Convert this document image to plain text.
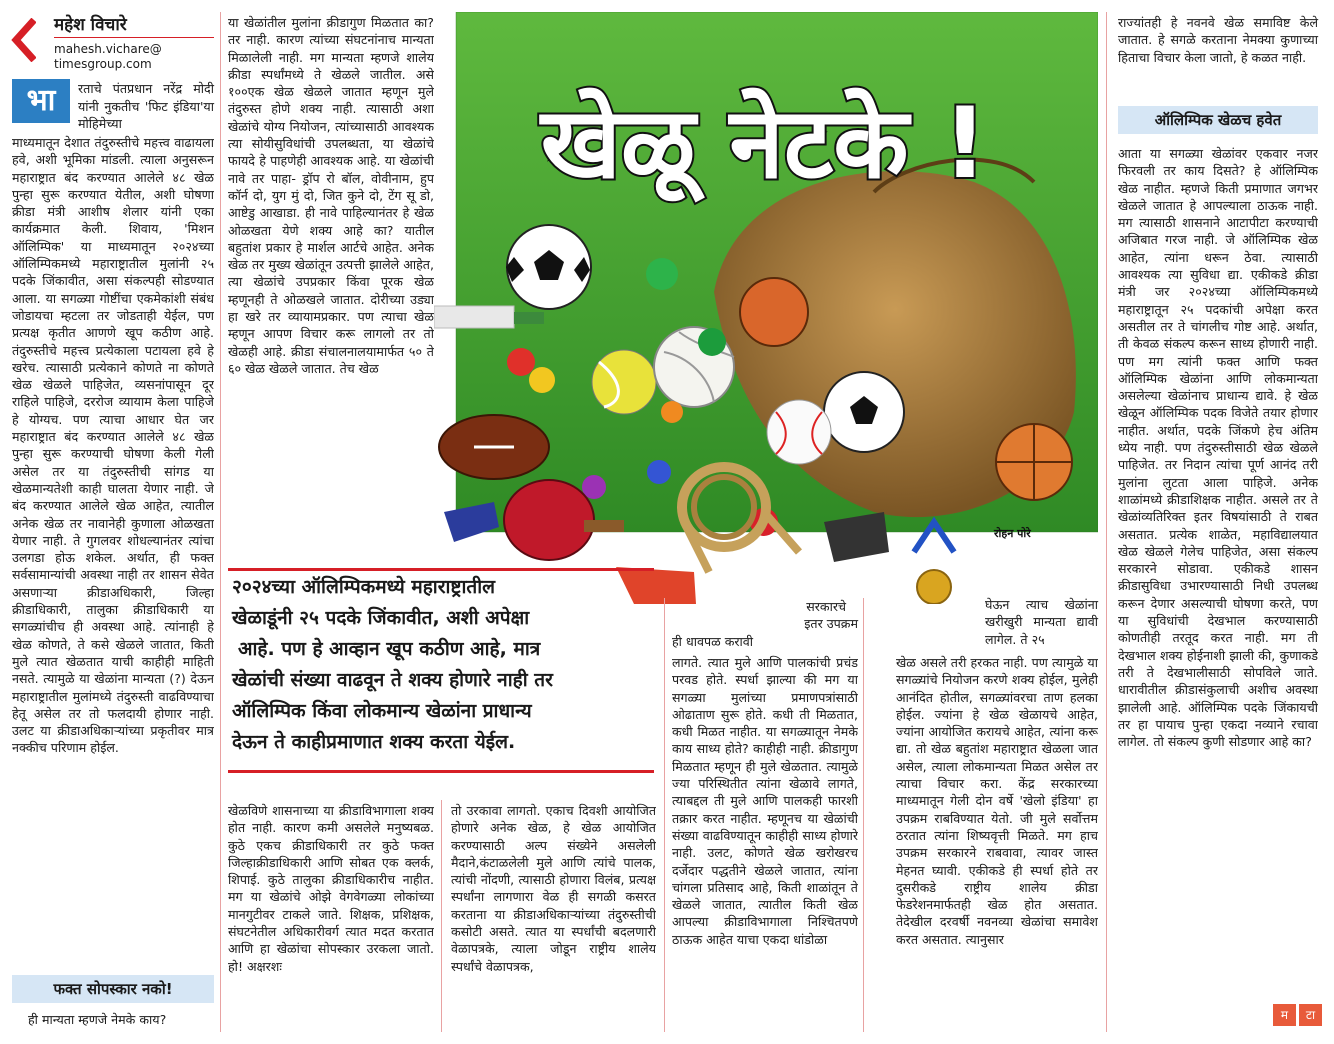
महेश विचारे
mahesh.vichare@
timesgroup.com
भा	रताचे पंतप्रधान नरेंद्र मोदी यांनी नुकतीच 'फिट इंडिया'या मोहिमेच्या
माध्यमातून देशात तंदुरुस्तीचे महत्त्व वाढायला हवे, अशी भूमिका मांडली. त्याला अनुसरून महाराष्ट्रात बंद करण्यात आलेले ४८ खेळ पुन्हा सुरू करण्यात येतील, अशी घोषणा क्रीडा मंत्री आशीष शेलार यांनी एका कार्यक्रमात केली. शिवाय, 'मिशन ऑलिम्पिक' या माध्यमातून २०२४च्या ऑलिम्पिकमध्ये महाराष्ट्रातील मुलांनी २५ पदके जिंकावीत, असा संकल्पही सोडण्यात आला. या सगळ्या गोष्टींचा एकमेकांशी संबंध जोडायचा म्हटला तर जोडताही येईल, पण प्रत्यक्ष कृतीत आणणे खूप कठीण आहे. तंदुरुस्तीचे महत्त्व प्रत्येकाला पटायला हवे हे खरेच. त्यासाठी प्रत्येकाने कोणते ना कोणते खेळ खेळले पाहिजेत, व्यसनांपासून दूर राहिले पाहिजे, दररोज व्यायाम केला पाहिजे हे योग्यच. पण त्याचा आधार घेत जर महाराष्ट्रात बंद करण्यात आलेले ४८ खेळ पुन्हा सुरू करण्याची घोषणा केली गेली असेल तर या तंदुरुस्तीची सांगड या खेळमान्यतेशी काही घालता येणार नाही. जे बंद करण्यात आलेले खेळ आहेत, त्यातील अनेक खेळ तर नावानेही कुणाला ओळखता येणार नाही. ते गुगलवर शोधल्यानंतर त्यांचा उलगडा होऊ शकेल. अर्थात, ही फक्त सर्वसामान्यांची अवस्था नाही तर शासन सेवेत असणाऱ्या क्रीडाअधिकारी, जिल्हा क्रीडाधिकारी, तालुका क्रीडाधिकारी या सगळ्यांचीच ही अवस्था आहे. त्यांनाही हे खेळ कोणते, ते कसे खेळले जातात, किती मुले त्यात खेळतात याची काहीही माहिती नसते. त्यामुळे या खेळांना मान्यता (?) देऊन महाराष्ट्रातील मुलांमध्ये तंदुरुस्ती वाढविण्याचा हेतू असेल तर तो फलदायी होणार नाही. उलट या क्रीडाअधिकाऱ्यांच्या प्रकृतीवर मात्र नक्कीच परिणाम होईल.
फक्त सोपस्कार नको!
ही मान्यता म्हणजे नेमके काय?
या खेळांतील मुलांना क्रीडागुण मिळतात का? तर नाही. कारण त्यांच्या संघटनांनाच मान्यता मिळालेली नाही. मग मान्यता म्हणजे शालेय क्रीडा स्पर्धांमध्ये ते खेळले जातील. असे १००एक खेळ खेळले जातात म्हणून मुले तंदुरुस्त होणे शक्य नाही. त्यासाठी अशा खेळांचे योग्य नियोजन, त्यांच्यासाठी आवश्यक त्या सोयीसुविधांची उपलब्धता, या खेळांचे फायदे हे पाहणेही आवश्यक आहे. या खेळांची नावे तर पाहा- ड्रॉप रो बॉल, वोवीनाम, हुप कॉर्न दो, युग मुं दो, जित कुने दो, टेंग सू डो, आष्टेडु आखाडा. ही नावे पाहिल्यानंतर हे खेळ ओळखता येणे शक्य आहे का? यातील बहुतांश प्रकार हे मार्शल आर्टचे आहेत. अनेक खेळ तर मुख्य खेळांतून उत्पत्ती झालेले आहेत, त्या खेळांचे उपप्रकार किंवा पूरक खेळ म्हणूनही ते ओळखले जातात. दोरीच्या उड्या हा खरे तर व्यायामप्रकार. पण त्याचा खेळ म्हणून आपण विचार करू लागलो तर तो खेळही आहे. क्रीडा संचालनालयामार्फत ५० ते ६० खेळ खेळले जातात. तेच खेळ
खेळू नेटके !
रोहन पोरे
२०२४च्या ऑलिम्पिकमध्ये महाराष्ट्रातील
खेळाडूंनी २५ पदके जिंकावीत, अशी अपेक्षा
आहे. पण हे आव्हान खूप कठीण आहे, मात्र
खेळांची संख्या वाढवून ते शक्य होणारे नाही तर
ऑलिम्पिक किंवा लोकमान्य खेळांना प्राधान्य
देऊन ते काहीप्रमाणात शक्य करता येईल.

सरकारचे

इतर उपक्रम

ही धावपळ करावी

लागते. त्यात मुले आणि पालकांची प्रचंड परवड होते. स्पर्धा झाल्या की मग या सगळ्या मुलांच्या प्रमाणपत्रांसाठी ओढाताण सुरू होते. कधी ती मिळतात, कधी मिळत नाहीत. या सगळ्यातून नेमके काय साध्य होते? काहीही नाही. क्रीडागुण मिळतात म्हणून ही मुले खेळतात. त्यामुळे ज्या परिस्थितीत त्यांना खेळावे लागते, त्याबद्दल ती मुले आणि पालकही फारशी तक्रार करत नाहीत. म्हणूनच या खेळांची संख्या वाढविण्यातून काहीही साध्य होणारे नाही. उलट, कोणते खेळ खरोखरच दर्जेदार पद्धतीने खेळले जातात, त्यांना चांगला प्रतिसाद आहे, किती शाळांतून ते खेळले जातात, त्यातील किती खेळ आपल्या क्रीडाविभागाला निश्चितपणे ठाऊक आहेत याचा एकदा धांडोळा
घेऊन त्याच खेळांना खरीखुरी मान्यता द्यावी लागेल. ते २५
खेळ असले तरी हरकत नाही. पण त्यामुळे या सगळ्यांचे नियोजन करणे शक्य होईल, मुलेही आनंदित होतील, सगळ्यांवरचा ताण हलका होईल. ज्यांना हे खेळ खेळायचे आहेत, ज्यांना आयोजित करायचे आहेत, त्यांना करू द्या. तो खेळ बहुतांश महाराष्ट्रात खेळला जात असेल, त्याला लोकमान्यता मिळत असेल तर त्याचा विचार करा. केंद्र सरकारच्या माध्यमातून गेली दोन वर्षे 'खेलो इंडिया' हा उपक्रम राबविण्यात येतो. जी मुले सर्वोत्तम ठरतात त्यांना शिष्यवृत्ती मिळते. मग हाच उपक्रम सरकारने राबवावा, त्यावर जास्त मेहनत घ्यावी. एकीकडे ही स्पर्धा होते तर दुसरीकडे राष्ट्रीय शालेय क्रीडा फेडरेशनमार्फतही खेळ होत असतात. तेदेखील दरवर्षी नवनव्या खेळांचा समावेश करत असतात. त्यानुसार
खेळविणे शासनाच्या या क्रीडाविभागाला शक्य होत नाही. कारण कमी असलेले मनुष्यबळ. कुठे एकच क्रीडाधिकारी तर कुठे फक्त जिल्हाक्रीडाधिकारी आणि सोबत एक क्लर्क, शिपाई. कुठे तालुका क्रीडाधिकारीच नाहीत. मग या खेळांचे ओझे वेगवेगळ्या लोकांच्या मानगुटीवर टाकले जाते. शिक्षक, प्रशिक्षक, संघटनेतील अधिकारीवर्ग त्यात मदत करतात आणि हा खेळांचा सोपस्कार उरकला जातो. हो! अक्षरशः
तो उरकावा लागतो. एकाच दिवशी आयोजित होणारे अनेक खेळ, हे खेळ आयोजित करण्यासाठी अल्प संख्येने असलेली मैदाने,कंटाळलेली मुले आणि त्यांचे पालक, त्यांची नोंदणी, त्यासाठी होणारा विलंब, प्रत्यक्ष स्पर्धांना लागणारा वेळ ही सगळी कसरत करताना या क्रीडाअधिकाऱ्यांच्या तंदुरुस्तीची कसोटी असते. त्यात या स्पर्धांची बदलणारी वेळापत्रके, त्याला जोडून राष्ट्रीय शालेय स्पर्धांचे वेळापत्रक,
राज्यांतही हे नवनवे खेळ समाविष्ट केले जातात. हे सगळे करताना नेमक्या कुणाच्या हिताचा विचार केला जातो, हे कळत नाही.
ऑलिम्पिक खेळच हवेत
आता या सगळ्या खेळांवर एकवार नजर फिरवली तर काय दिसते? हे ऑलिम्पिक खेळ नाहीत. म्हणजे किती प्रमाणात जगभर खेळले जातात हे आपल्याला ठाऊक नाही. मग त्यासाठी शासनाने आटापीटा करण्याची अजिबात गरज नाही. जे ऑलिम्पिक खेळ आहेत, त्यांना धरून ठेवा. त्यासाठी आवश्यक त्या सुविधा द्या. एकीकडे क्रीडा मंत्री जर २०२४च्या ऑलिम्पिकमध्ये महाराष्ट्रातून २५ पदकांची अपेक्षा करत असतील तर ते चांगलीच गोष्ट आहे. अर्थात, ती केवळ संकल्प करून साध्य होणारी नाही. पण मग त्यांनी फक्त आणि फक्त ऑलिम्पिक खेळांना आणि लोकमान्यता असलेल्या खेळांनाच प्राधान्य द्यावे. हे खेळ खेळून ऑलिम्पिक पदक विजेते तयार होणार नाहीत. अर्थात, पदके जिंकणे हेच अंतिम ध्येय नाही. पण तंदुरुस्तीसाठी खेळ खेळले पाहिजेत. तर निदान त्यांचा पूर्ण आनंद तरी मुलांना लुटता आला पाहिजे. अनेक शाळांमध्ये क्रीडाशिक्षक नाहीत. असले तर ते खेळांव्यतिरिक्त इतर विषयांसाठी ते राबत असतात. प्रत्येक शाळेत, महाविद्यालयात खेळ खेळले गेलेच पाहिजेत, असा संकल्प सरकारने सोडावा. एकीकडे शासन क्रीडासुविधा उभारण्यासाठी निधी उपलब्ध करून देणार असल्याची घोषणा करते, पण या सुविधांची देखभाल करण्यासाठी कोणतीही तरतूद करत नाही. मग ती देखभाल शक्य होईनाशी झाली की, कुणाकडे तरी ते देखभालीसाठी सोपविले जाते. धारावीतील क्रीडासंकुलाची अशीच अवस्था झालेली आहे. ऑलिम्पिक पदके जिंकायची तर हा पायाच पुन्हा एकदा नव्याने रचावा लागेल. तो संकल्प कुणी सोडणार आहे का?
म	टा
